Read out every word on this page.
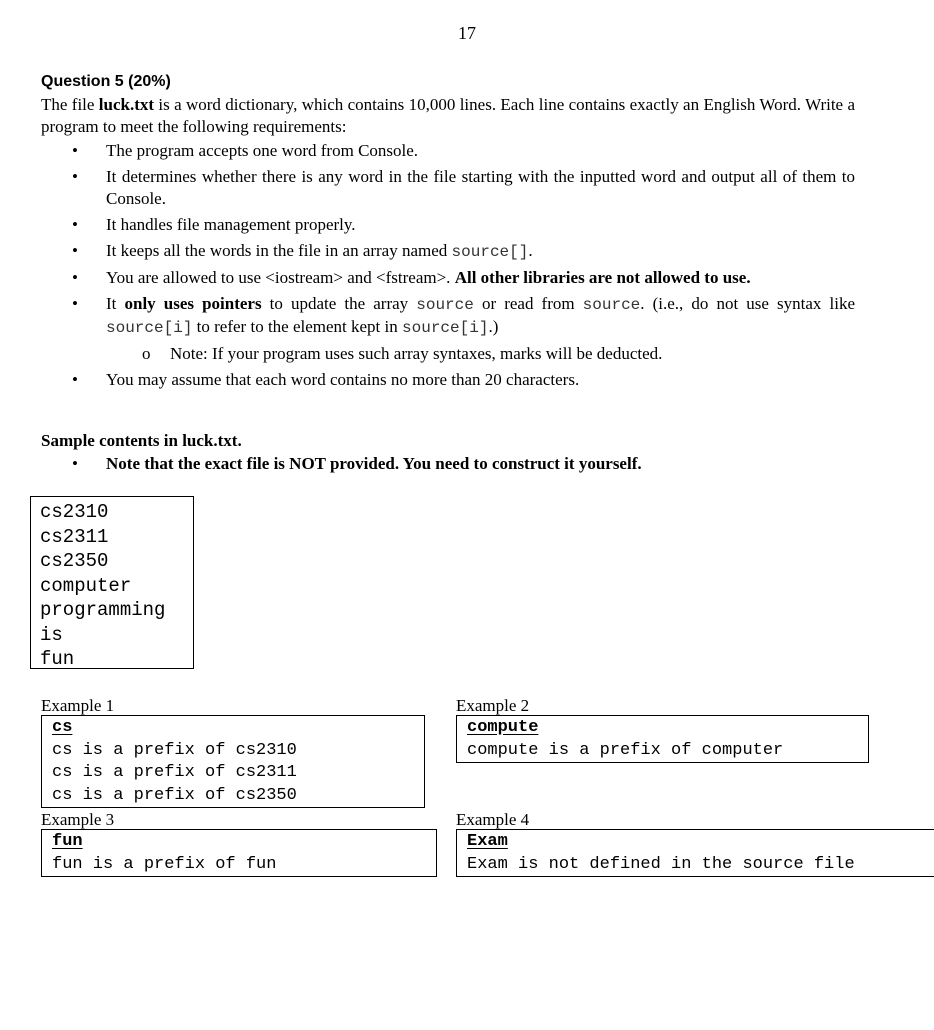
17
Question 5 (20%)
The file luck.txt is a word dictionary, which contains 10,000 lines. Each line contains exactly an English Word. Write a program to meet the following requirements:
• The program accepts one word from Console.
• It determines whether there is any word in the file starting with the inputted word and output all of them to Console.
• It handles file management properly.
• It keeps all the words in the file in an array named source[].
• You are allowed to use <iostream> and <fstream>. All other libraries are not allowed to use.
• It only uses pointers to update the array source or read from source. (i.e., do not use syntax like source[i] to refer to the element kept in source[i].)
o Note: If your program uses such array syntaxes, marks will be deducted.
• You may assume that each word contains no more than 20 characters.
Sample contents in luck.txt.
• Note that the exact file is NOT provided. You need to construct it yourself.
cs2310
cs2311
cs2350
computer
programming
is
fun
Example 1
cs
cs is a prefix of cs2310
cs is a prefix of cs2311
cs is a prefix of cs2350
Example 2
compute
compute is a prefix of computer
Example 3
fun
fun is a prefix of fun
Example 4
Exam
Exam is not defined in the source file
